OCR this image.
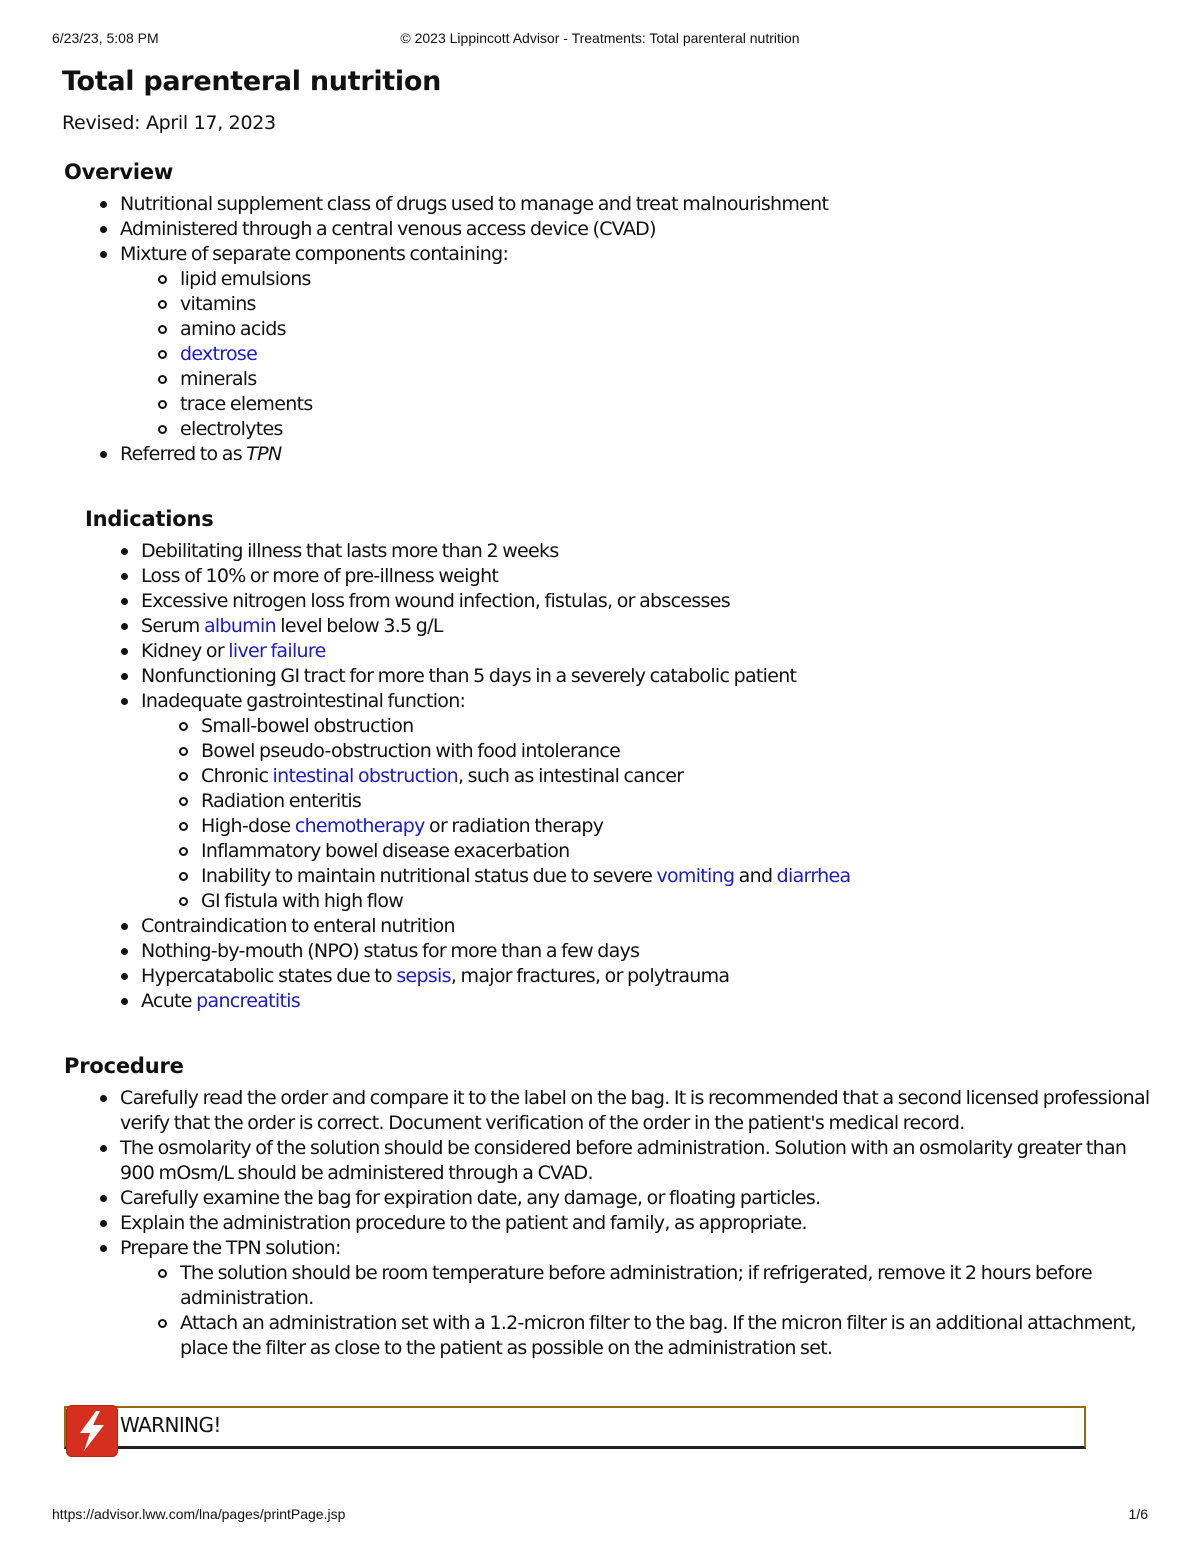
6/23/23, 5:08 PM	© 2023 Lippincott Advisor - Treatments: Total parenteral nutrition
Total parenteral nutrition
Revised: April 17, 2023
Overview
Nutritional supplement class of drugs used to manage and treat malnourishment
Administered through a central venous access device (CVAD)
Mixture of separate components containing:
lipid emulsions
vitamins
amino acids
dextrose
minerals
trace elements
electrolytes
Referred to as TPN
Indications
Debilitating illness that lasts more than 2 weeks
Loss of 10% or more of pre-illness weight
Excessive nitrogen loss from wound infection, fistulas, or abscesses
Serum albumin level below 3.5 g/L
Kidney or liver failure
Nonfunctioning GI tract for more than 5 days in a severely catabolic patient
Inadequate gastrointestinal function:
Small-bowel obstruction
Bowel pseudo-obstruction with food intolerance
Chronic intestinal obstruction, such as intestinal cancer
Radiation enteritis
High-dose chemotherapy or radiation therapy
Inflammatory bowel disease exacerbation
Inability to maintain nutritional status due to severe vomiting and diarrhea
GI fistula with high flow
Contraindication to enteral nutrition
Nothing-by-mouth (NPO) status for more than a few days
Hypercatabolic states due to sepsis, major fractures, or polytrauma
Acute pancreatitis
Procedure
Carefully read the order and compare it to the label on the bag. It is recommended that a second licensed professional verify that the order is correct. Document verification of the order in the patient's medical record.
The osmolarity of the solution should be considered before administration. Solution with an osmolarity greater than 900 mOsm/L should be administered through a CVAD.
Carefully examine the bag for expiration date, any damage, or floating particles.
Explain the administration procedure to the patient and family, as appropriate.
Prepare the TPN solution:
The solution should be room temperature before administration; if refrigerated, remove it 2 hours before administration.
Attach an administration set with a 1.2-micron filter to the bag. If the micron filter is an additional attachment, place the filter as close to the patient as possible on the administration set.
WARNING!
https://advisor.lww.com/lna/pages/printPage.jsp	1/6
